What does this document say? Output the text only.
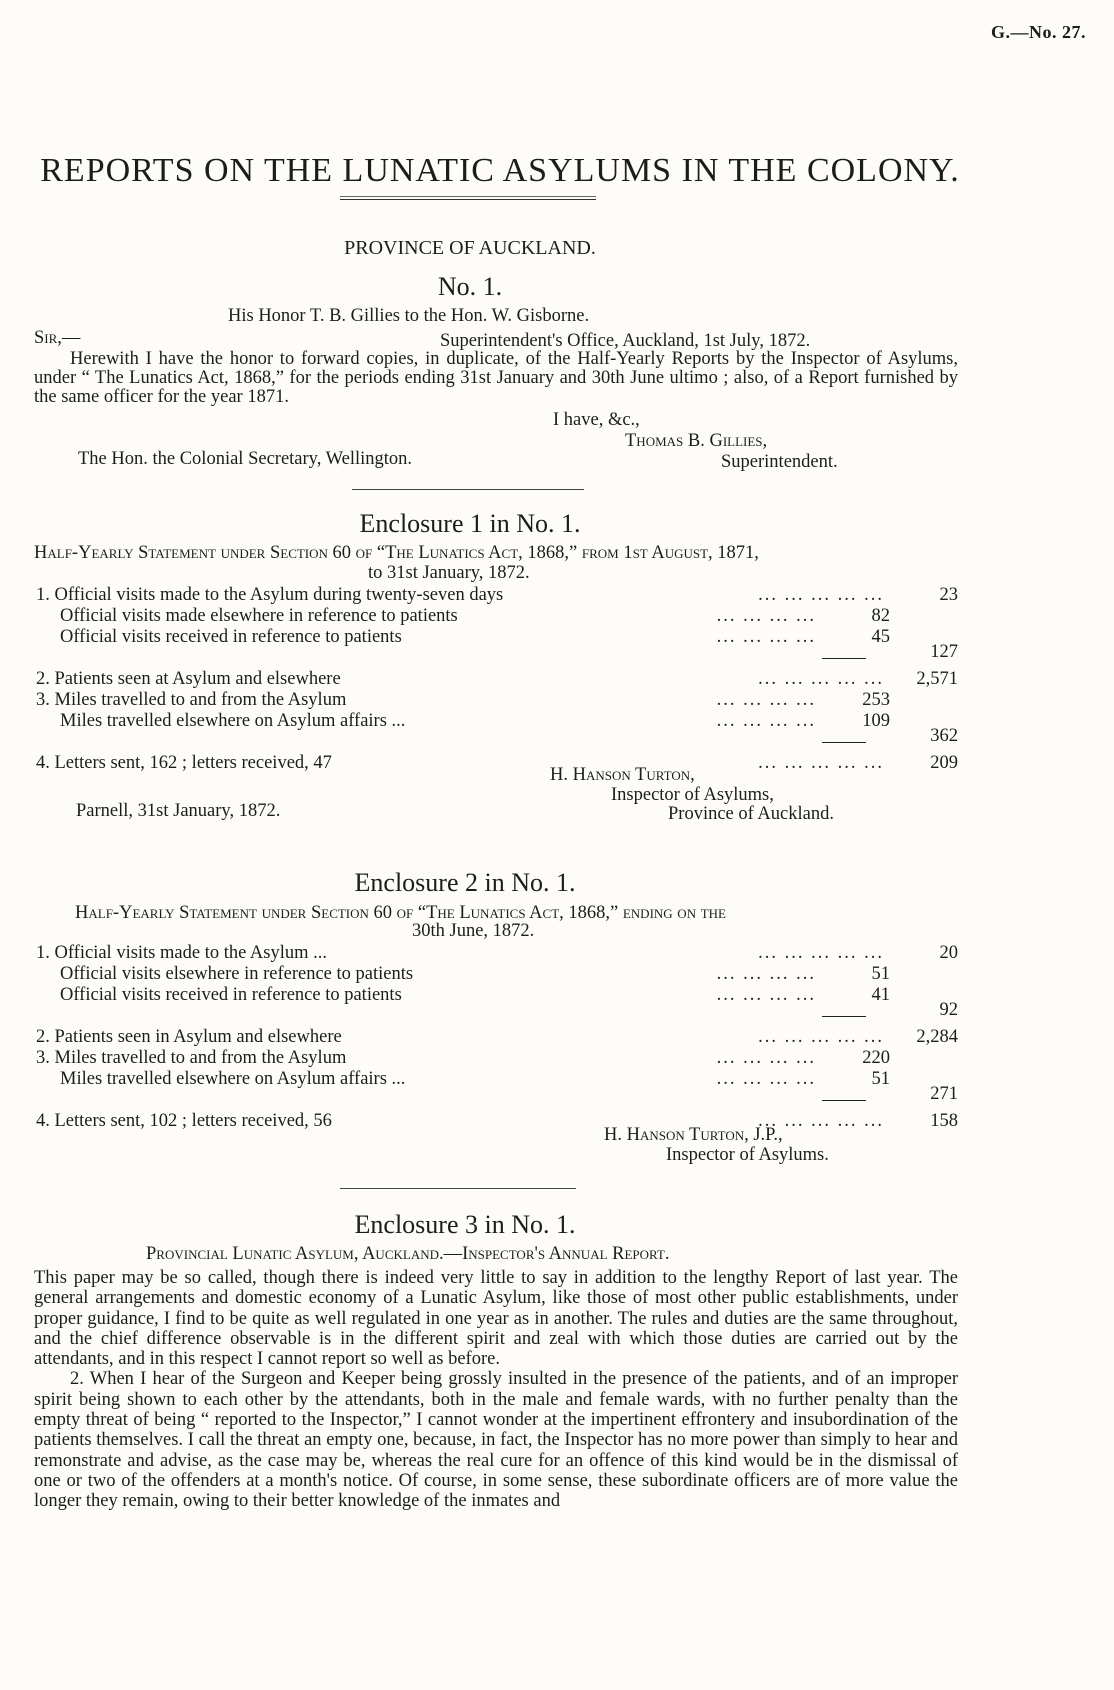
G.—No. 27.
REPORTS ON THE LUNATIC ASYLUMS IN THE COLONY.
PROVINCE OF AUCKLAND.
No. 1.
His Honor T. B. Gillies to the Hon. W. Gisborne.
Sir,—	Superintendent's Office, Auckland, 1st July, 1872.
Herewith I have the honor to forward copies, in duplicate, of the Half-Yearly Reports by the Inspector of Asylums, under “ The Lunatics Act, 1868,” for the periods ending 31st January and 30th June ultimo ; also, of a Report furnished by the same officer for the year 1871.
I have, &c.,
Thomas B. Gillies,
The Hon. the Colonial Secretary, Wellington.	Superintendent.
Enclosure 1 in No. 1.
Half-Yearly Statement under Section 60 of “The Lunatics Act, 1868,” from 1st August, 1871,
to 31st January, 1872.
1. Official visits made to the Asylum during twenty-seven days	... ... ... ... ...	23
Official visits made elsewhere in reference to patients	... ... ... ...	82
Official visits received in reference to patients	... ... ... ...	45
127
2. Patients seen at Asylum and elsewhere	... ... ... ... ...	2,571
3. Miles travelled to and from the Asylum	... ... ... ...	253
Miles travelled elsewhere on Asylum affairs ...	... ... ... ...	109
362
4. Letters sent, 162 ; letters received, 47	... ... ... ... ...	209
H. Hanson Turton,
Inspector of Asylums,
Parnell, 31st January, 1872.	Province of Auckland.
Enclosure 2 in No. 1.
Half-Yearly Statement under Section 60 of “The Lunatics Act, 1868,” ending on the
30th June, 1872.
1. Official visits made to the Asylum ...	... ... ... ... ...	20
Official visits elsewhere in reference to patients	... ... ... ...	51
Official visits received in reference to patients	... ... ... ...	41
92
2. Patients seen in Asylum and elsewhere	... ... ... ... ...	2,284
3. Miles travelled to and from the Asylum	... ... ... ...	220
Miles travelled elsewhere on Asylum affairs ...	... ... ... ...	51
271
4. Letters sent, 102 ; letters received, 56	... ... ... ... ...	158
H. Hanson Turton, J.P.,
Inspector of Asylums.
Enclosure 3 in No. 1.
Provincial Lunatic Asylum, Auckland.—Inspector's Annual Report.

This paper may be so called, though there is indeed very little to say in addition to the lengthy Report of last year. The general arrangements and domestic economy of a Lunatic Asylum, like those of most other public establishments, under proper guidance, I find to be quite as well regulated in one year as in another. The rules and duties are the same throughout, and the chief difference observable is in the different spirit and zeal with which those duties are carried out by the attendants, and in this respect I cannot report so well as before.

2. When I hear of the Surgeon and Keeper being grossly insulted in the presence of the patients, and of an improper spirit being shown to each other by the attendants, both in the male and female wards, with no further penalty than the empty threat of being “ reported to the Inspector,” I cannot wonder at the impertinent effrontery and insubordination of the patients themselves. I call the threat an empty one, because, in fact, the Inspector has no more power than simply to hear and remonstrate and advise, as the case may be, whereas the real cure for an offence of this kind would be in the dismissal of one or two of the offenders at a month's notice. Of course, in some sense, these subordinate officers are of more value the longer they remain, owing to their better knowledge of the inmates and
